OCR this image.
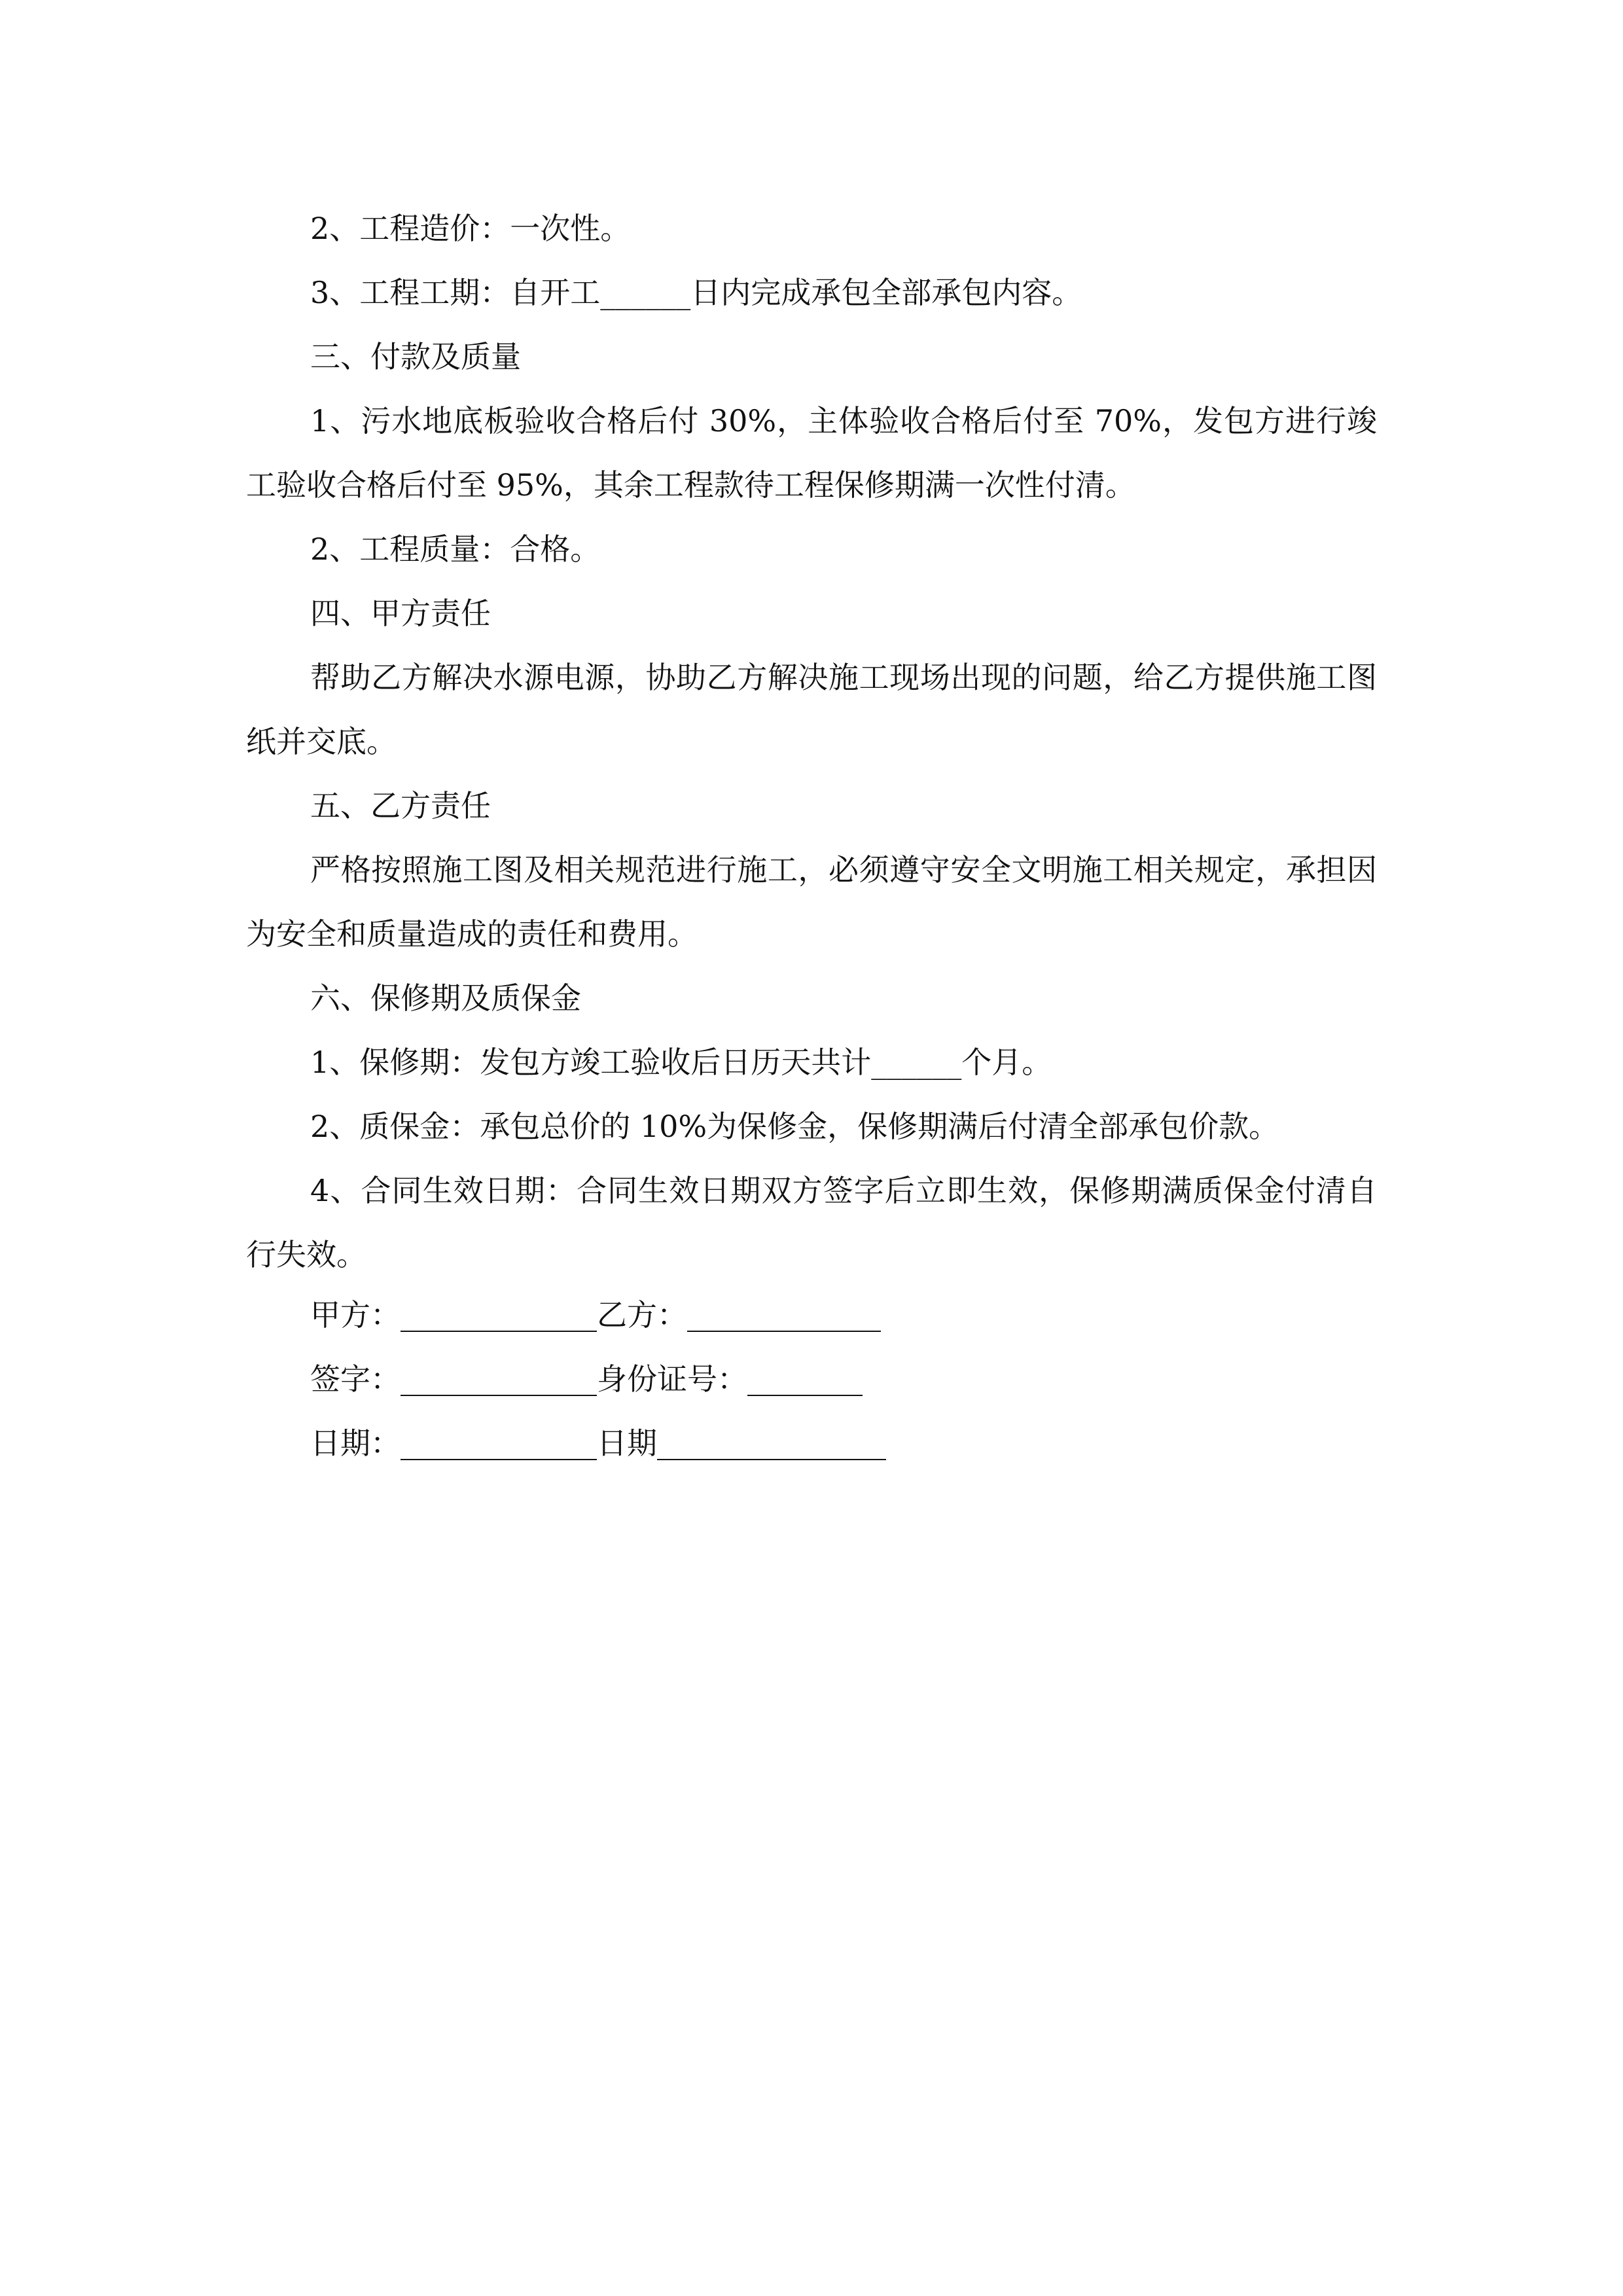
2、工程造价：一次性。

3、工程工期：自开工______日内完成承包全部承包内容。

三、付款及质量

1、污水地底板验收合格后付 30%，主体验收合格后付至 70%，发包方进行竣工验收合格后付至 95%，其余工程款待工程保修期满一次性付清。

2、工程质量：合格。

四、甲方责任

帮助乙方解决水源电源，协助乙方解决施工现场出现的问题，给乙方提供施工图纸并交底。

五、乙方责任

严格按照施工图及相关规范进行施工，必须遵守安全文明施工相关规定，承担因为安全和质量造成的责任和费用。

六、保修期及质保金

1、保修期：发包方竣工验收后日历天共计______个月。

2、质保金：承包总价的 10%为保修金，保修期满后付清全部承包价款。

4、合同生效日期：合同生效日期双方签字后立即生效，保修期满质保金付清自行失效。

甲方：	乙方：
签字：	身份证号：
日期：	日期
